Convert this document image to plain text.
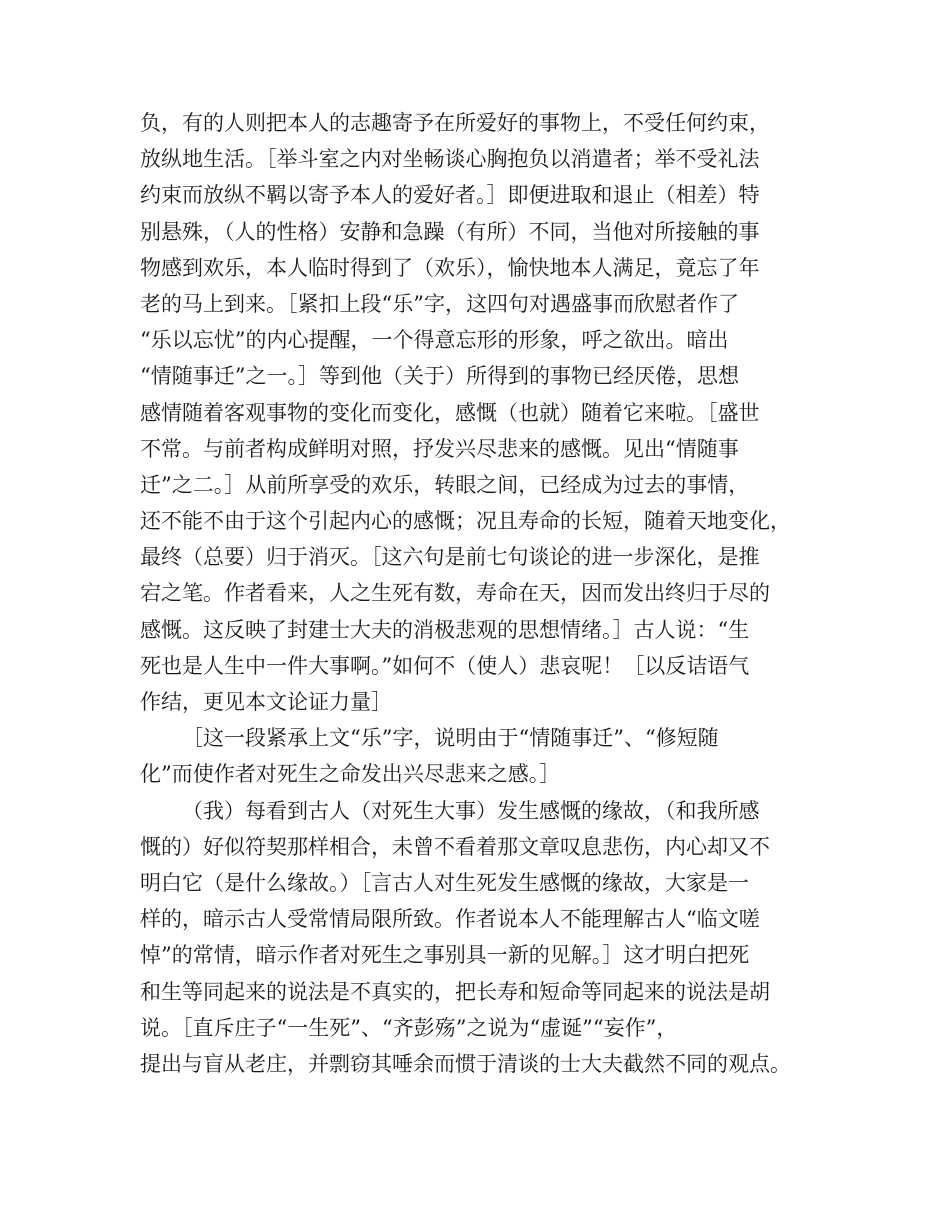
负，有的人则把本人的志趣寄予在所爱好的事物上，不受任何约束，
放纵地生活。［举斗室之内对坐畅谈心胸抱负以消遣者；举不受礼法
约束而放纵不羁以寄予本人的爱好者。］即便进取和退止（相差）特
别悬殊，（人的性格）安静和急躁（有所）不同，当他对所接触的事
物感到欢乐，本人临时得到了（欢乐），愉快地本人满足，竟忘了年
老的马上到来。［紧扣上段“乐”字，这四句对遇盛事而欣慰者作了
“乐以忘忧”的内心提醒，一个得意忘形的形象，呼之欲出。暗出
“情随事迁”之一。］等到他（关于）所得到的事物已经厌倦，思想
感情随着客观事物的变化而变化，感慨（也就）随着它来啦。［盛世
不常。与前者构成鲜明对照，抒发兴尽悲来的感慨。见出“情随事
迁”之二。］从前所享受的欢乐，转眼之间，已经成为过去的事情，
还不能不由于这个引起内心的感慨；况且寿命的长短，随着天地变化，
最终（总要）归于消灭。［这六句是前七句谈论的进一步深化，是推
宕之笔。作者看来，人之生死有数，寿命在天，因而发出终归于尽的
感慨。这反映了封建士大夫的消极悲观的思想情绪。］古人说：“生
死也是人生中一件大事啊。”如何不（使人）悲哀呢！［以反诘语气
作结，更见本文论证力量］
［这一段紧承上文“乐”字，说明由于“情随事迁”、“修短随
化”而使作者对死生之命发出兴尽悲来之感。］
（我）每看到古人（对死生大事）发生感慨的缘故，（和我所感
慨的）好似符契那样相合，未曾不看着那文章叹息悲伤，内心却又不
明白它（是什么缘故。）［言古人对生死发生感慨的缘故，大家是一
样的，暗示古人受常情局限所致。作者说本人不能理解古人“临文嗟
悼”的常情，暗示作者对死生之事别具一新的见解。］这才明白把死
和生等同起来的说法是不真实的，把长寿和短命等同起来的说法是胡
说。［直斥庄子“一生死”、“齐彭殇”之说为“虚诞”“妄作”，
提出与盲从老庄，并剽窃其唾余而惯于清谈的士大夫截然不同的观点。
